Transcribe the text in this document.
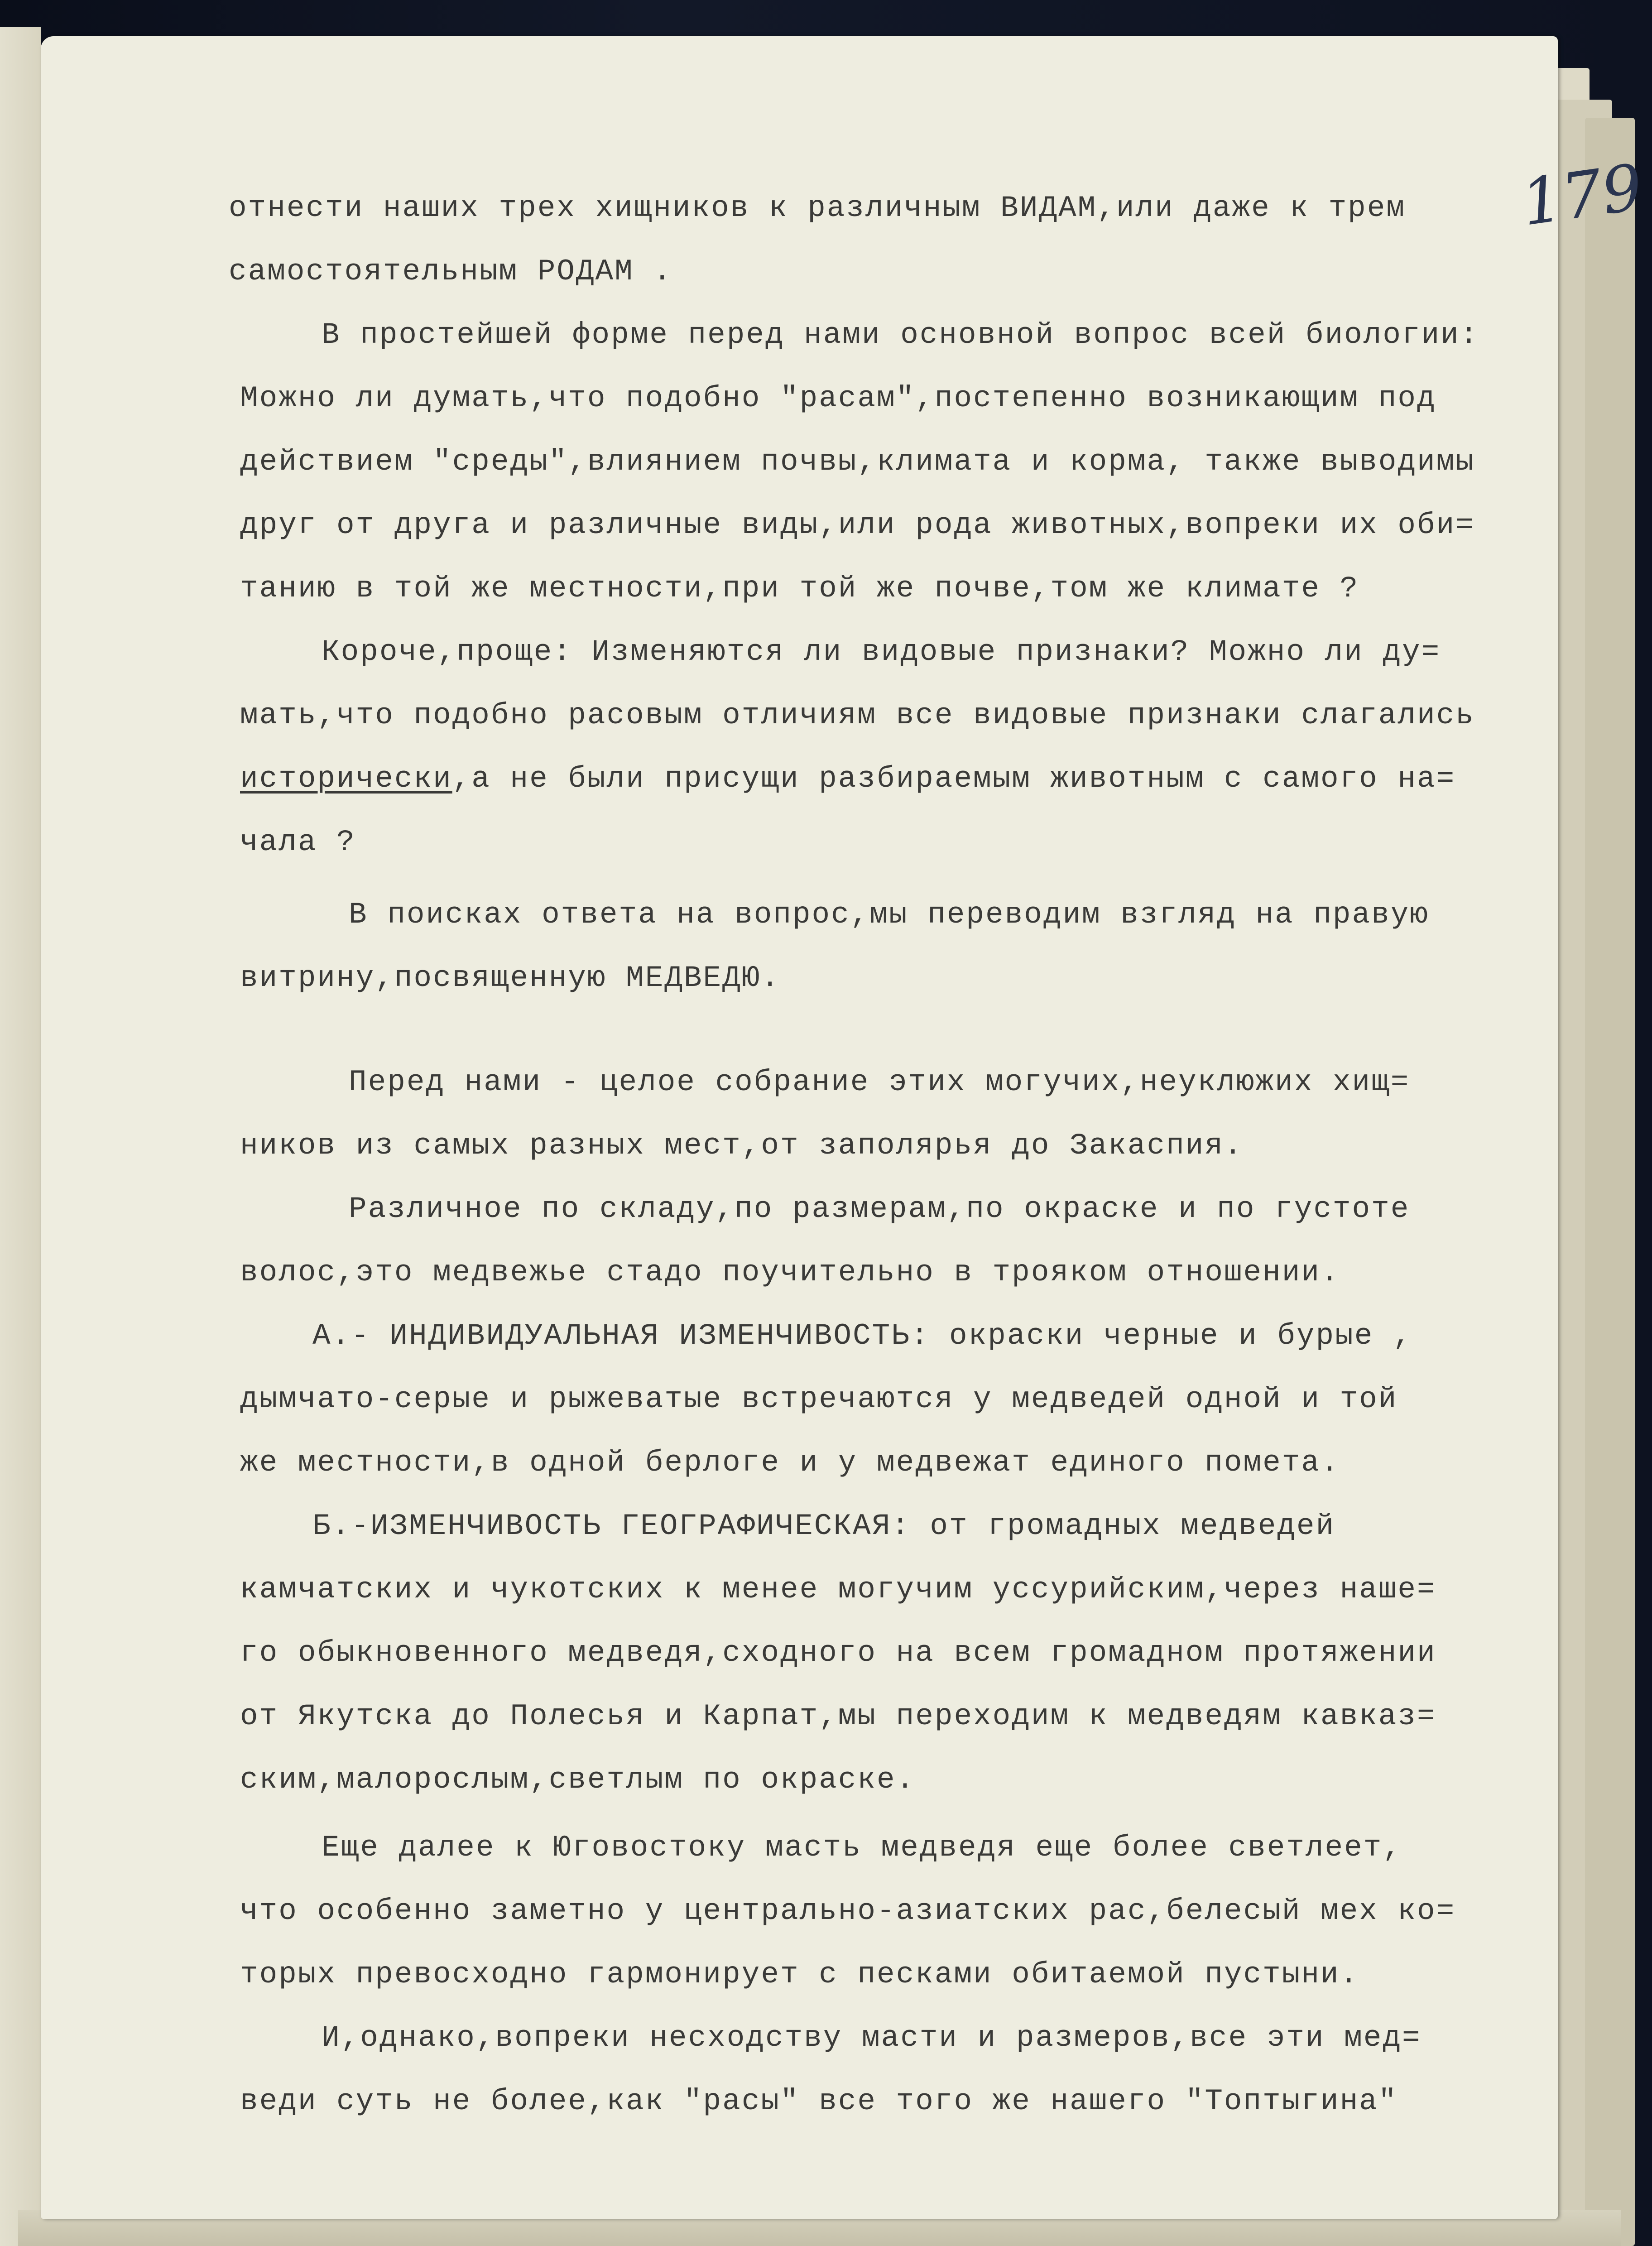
179
отнести наших трех хищников к различным ВИДАМ,или даже к трем
самостоятельным РОДАМ .
В простейшей форме перед нами основной вопрос всей биологии:
Можно ли думать,что подобно "расам",постепенно возникающим под
действием "среды",влиянием почвы,климата и корма, также выводимы
друг от друга и различные виды,или рода животных,вопреки их оби=
танию в той же местности,при той же почве,том же климате ?
Короче,проще: Изменяются ли видовые признаки? Можно ли ду=
мать,что подобно расовым отличиям все видовые признаки слагались
исторически,а не были присущи разбираемым животным с самого на=
чала ?
В поисках ответа на вопрос,мы переводим взгляд на правую
витрину,посвященную МЕДВЕДЮ.
Перед нами - целое собрание этих могучих,неуклюжих хищ=
ников из самых разных мест,от заполярья до Закаспия.
Различное по складу,по размерам,по окраске и по густоте
волос,это медвежье стадо поучительно в трояком отношении.
А.- ИНДИВИДУАЛЬНАЯ ИЗМЕНЧИВОСТЬ: окраски черные и бурые ,
дымчато-серые и рыжеватые встречаются у медведей одной и той
же местности,в одной берлоге и у медвежат единого помета.
Б.-ИЗМЕНЧИВОСТЬ ГЕОГРАФИЧЕСКАЯ: от громадных медведей
камчатских и чукотских к менее могучим уссурийским,через наше=
го обыкновенного медведя,сходного на всем громадном протяжении
от Якутска до Полесья и Карпат,мы переходим к медведям кавказ=
ским,малорослым,светлым по окраске.
Еще далее к Юговостоку масть медведя еще более светлеет,
что особенно заметно у центрально-азиатских рас,белесый мех ко=
торых превосходно гармонирует с песками обитаемой пустыни.
И,однако,вопреки несходству масти и размеров,все эти мед=
веди суть не более,как "расы" все того же нашего "Топтыгина"
